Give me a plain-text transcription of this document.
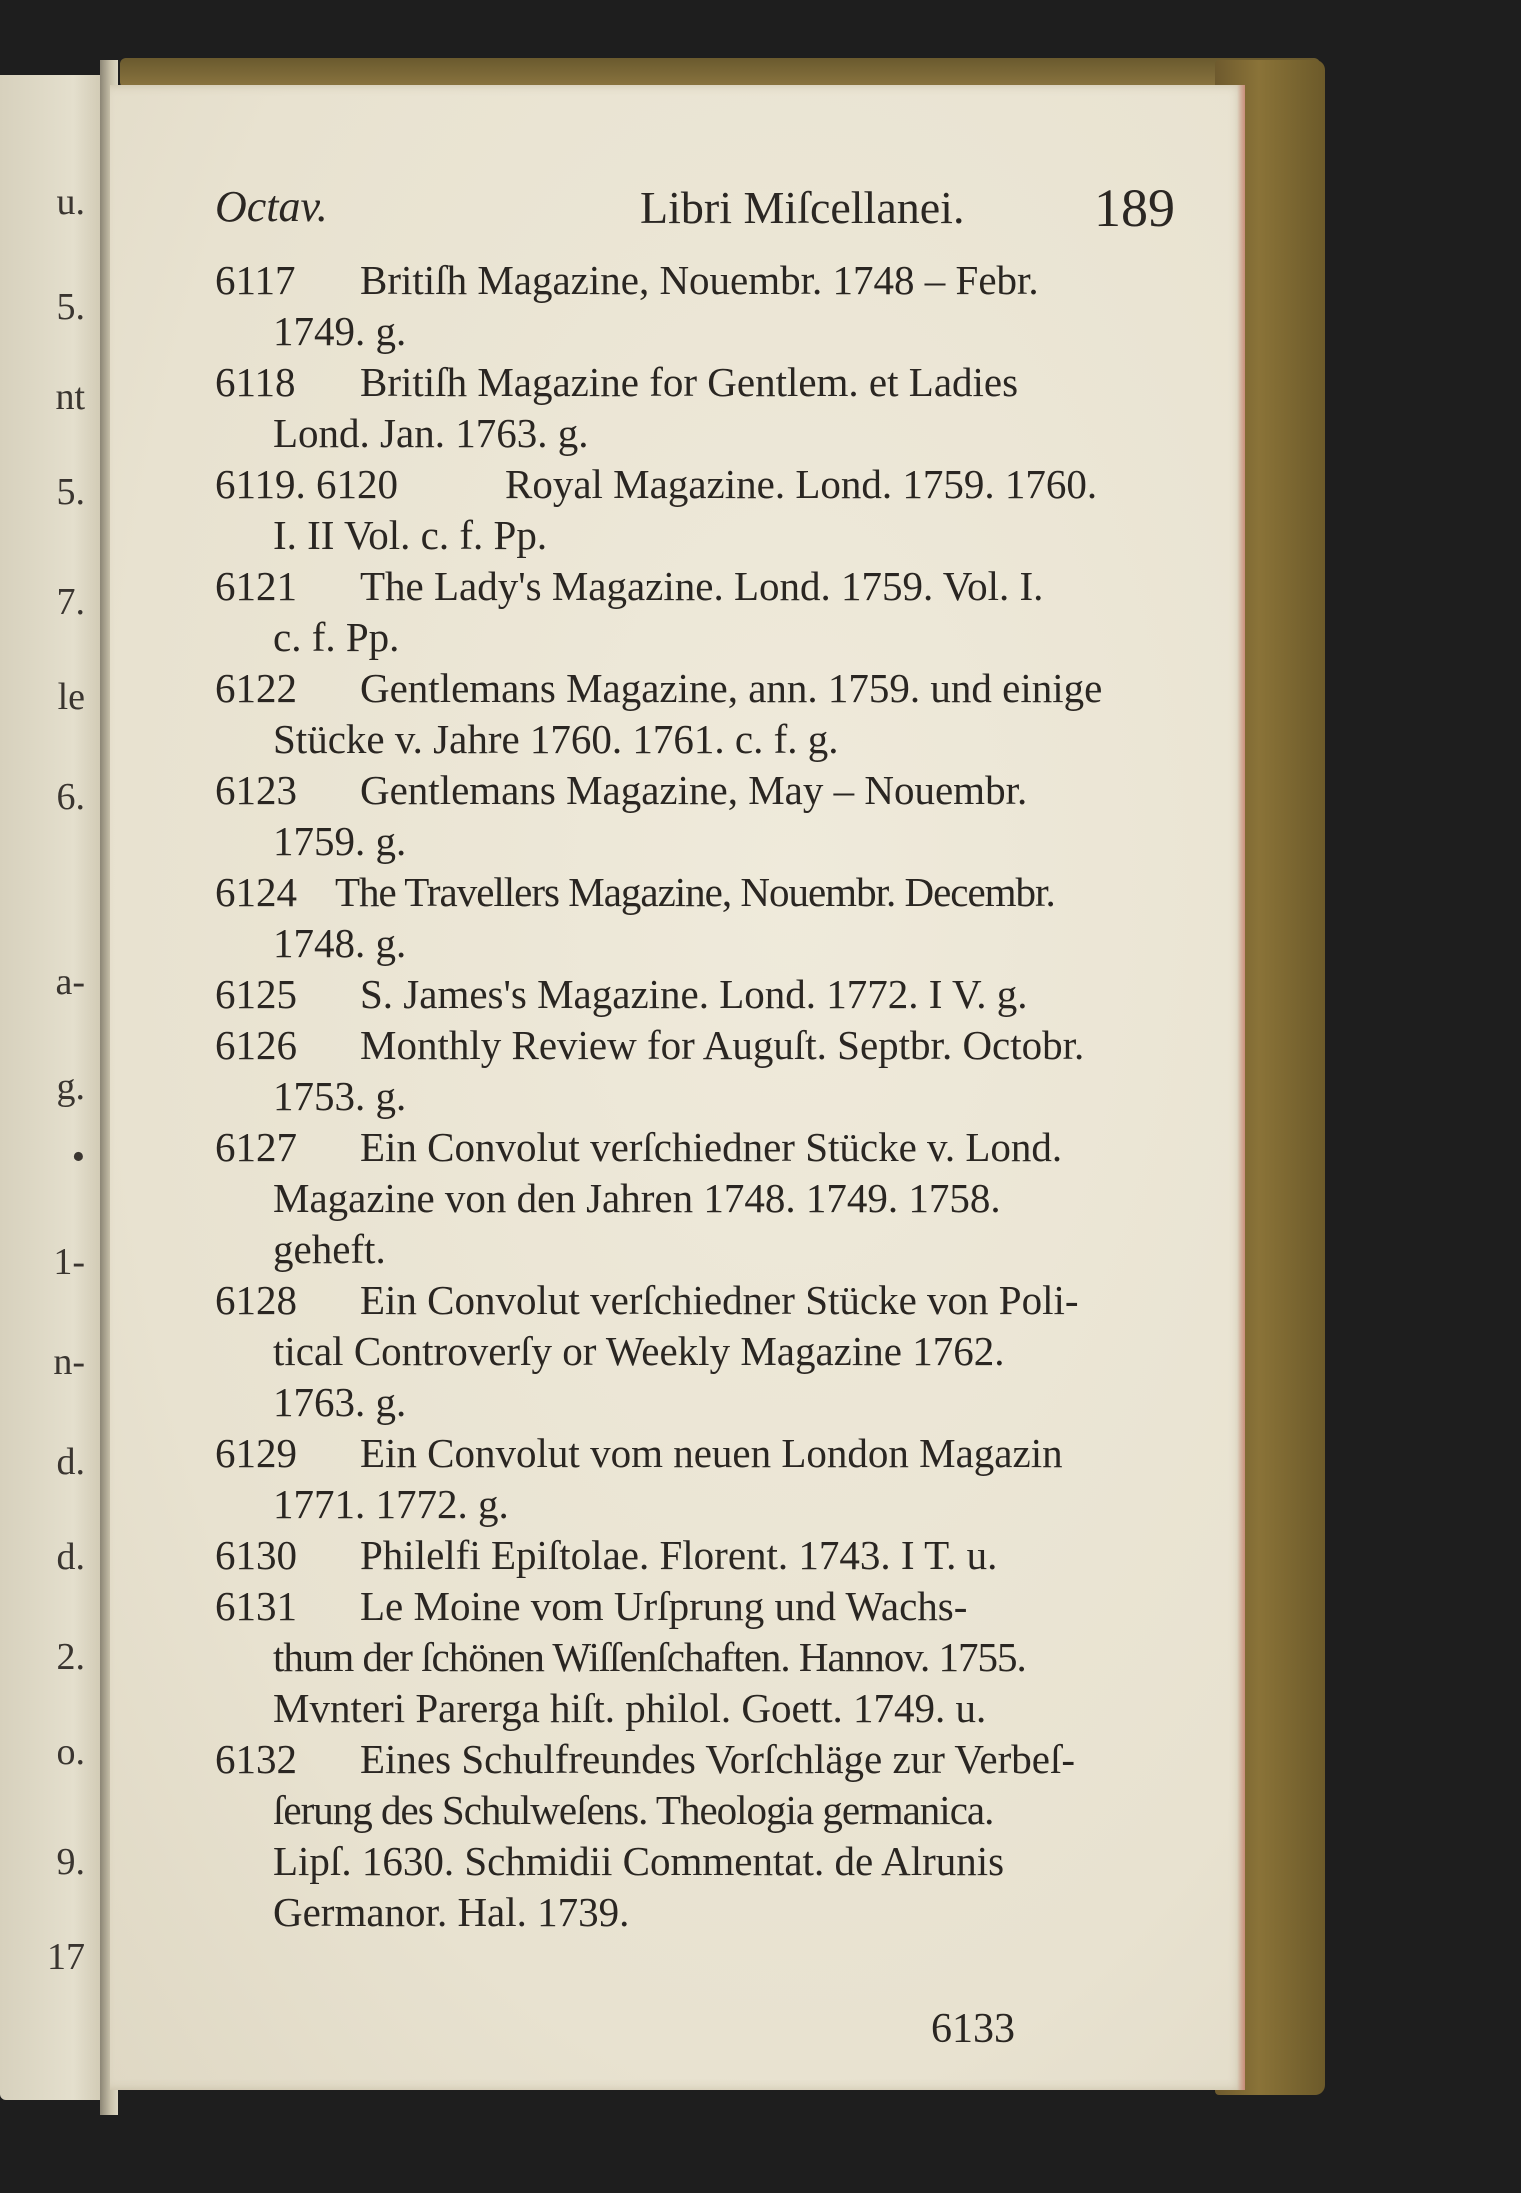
u.
5.
nt
5.
7.
le
6.
a-
g.
•
1-
n-
d.
d.
2.
o.
9.
17
Octav.	Libri Miſcellanei. 189
6117 Britiſh Magazine, Nouembr. 1748 – Febr.
1749. g.
6118 Britiſh Magazine for Gentlem. et Ladies
Lond. Jan. 1763. g.
6119. 6120	Royal Magazine. Lond. 1759. 1760.
I. II Vol. c. f. Pp.
6121 The Lady's Magazine. Lond. 1759. Vol. I.
c. f. Pp.
6122 Gentlemans Magazine, ann. 1759. und einige
Stücke v. Jahre 1760. 1761. c. f. g.
6123 Gentlemans Magazine, May – Nouembr.
1759. g.
6124 The Travellers Magazine, Nouembr. Decembr.
1748. g.
6125 S. James's Magazine. Lond. 1772. I V. g.
6126 Monthly Review for Auguſt. Septbr. Octobr.
1753. g.
6127 Ein Convolut verſchiedner Stücke v. Lond.
Magazine von den Jahren 1748. 1749. 1758.
geheft.
6128 Ein Convolut verſchiedner Stücke von Poli-
tical Controverſy or Weekly Magazine 1762.
1763. g.
6129 Ein Convolut vom neuen London Magazin
1771. 1772. g.
6130 Philelfi Epiſtolae. Florent. 1743. I T. u.
6131 Le Moine vom Urſprung und Wachs-
thum der ſchönen Wiſſenſchaften. Hannov. 1755.
Mvnteri Parerga hiſt. philol. Goett. 1749. u.
6132 Eines Schulfreundes Vorſchläge zur Verbeſ-
ſerung des Schulweſens. Theologia germanica.
Lipſ. 1630. Schmidii Commentat. de Alrunis
Germanor. Hal. 1739.
6133
